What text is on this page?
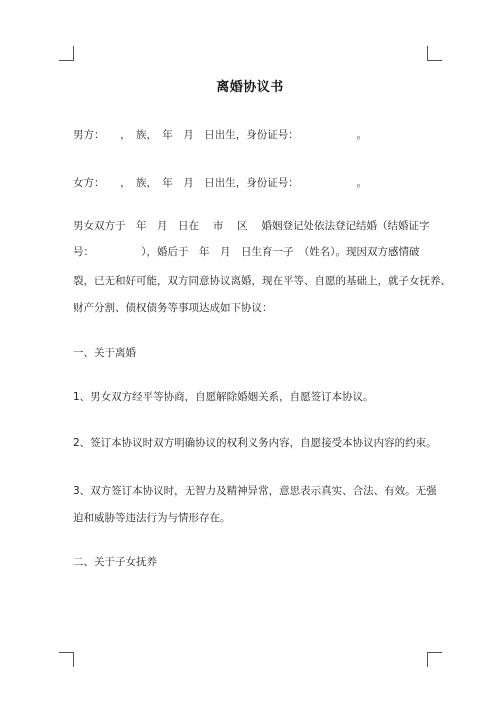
离婚协议书
男方：　　，　族，　年　月　日出生，身份证号：　　　　　　。
女方：　　，　族，　年　月　日出生，身份证号：　　　　　　。
男女双方于　年　月　日在　 市　 区　 婚姻登记处依法登记结婚（结婚证字
号：　　　　　），婚后于　年　月　日生育一子　（姓名）。现因双方感情破
裂，已无和好可能，双方同意协议离婚，现在平等、自愿的基础上，就子女抚养、
财产分割、债权债务等事项达成如下协议：
一、关于离婚
1、男女双方经平等协商，自愿解除婚姻关系，自愿签订本协议。
2、签订本协议时双方明确协议的权利义务内容，自愿接受本协议内容的约束。
3、双方签订本协议时，无智力及精神异常，意思表示真实、合法、有效。无强
迫和威胁等违法行为与情形存在。
二、关于子女抚养
